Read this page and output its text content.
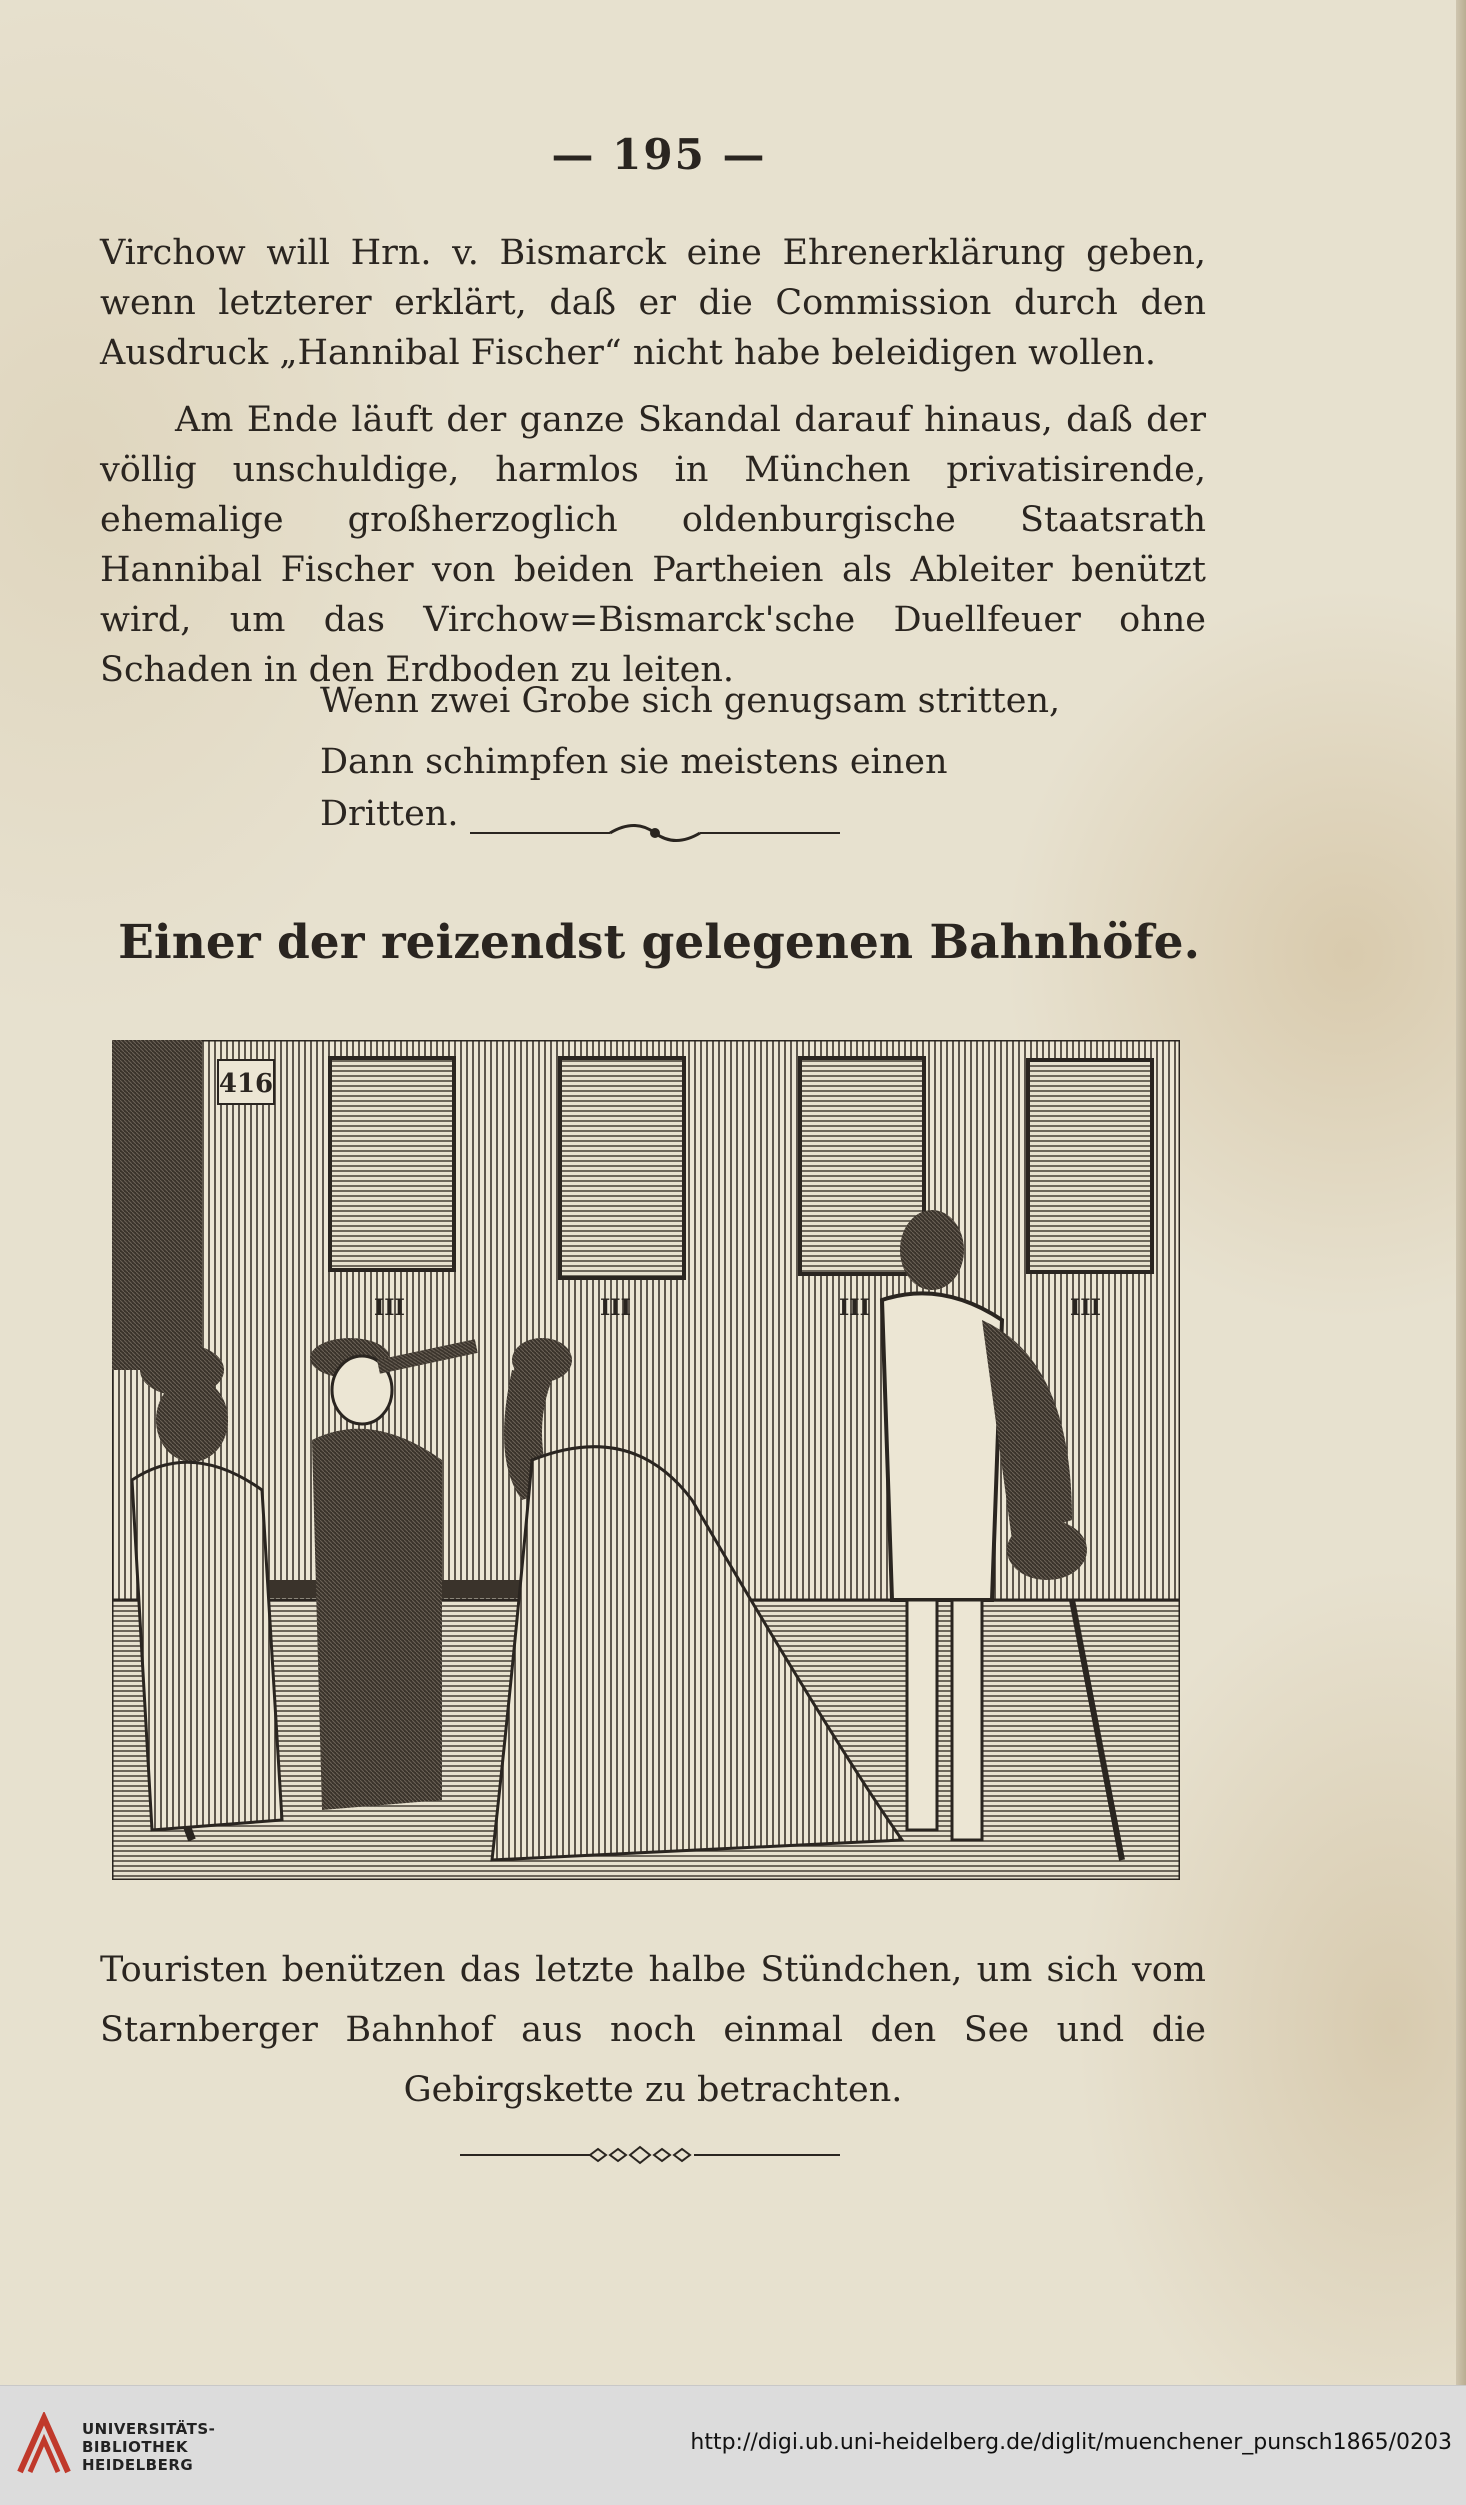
— 195 —
Virchow will Hrn. v. Bismarck eine Ehrenerklärung geben, wenn letzterer erklärt, daß er die Commission durch den Ausdruck „Hannibal Fischer“ nicht habe beleidigen wollen.
Am Ende läuft der ganze Skandal darauf hinaus, daß der völlig unschuldige, harmlos in München privatisirende, ehemalige großherzoglich oldenburgische Staatsrath Hannibal Fischer von beiden Partheien als Ableiter benützt wird, um das Virchow=Bismarck'sche Duellfeuer ohne Schaden in den Erdboden zu leiten.
Wenn zwei Grobe sich genugsam stritten,
Dann schimpfen sie meistens einen Dritten.
Einer der reizendst gelegenen Bahnhöfe.
416
III	III	III	III
Touristen benützen das letzte halbe Stündchen, um sich vom
Starnberger Bahnhof aus noch einmal den See und die
Gebirgskette zu betrachten.
UNIVERSITÄTS-
BIBLIOTHEK
HEIDELBERG
http://digi.ub.uni-heidelberg.de/diglit/muenchener_punsch1865/0203
